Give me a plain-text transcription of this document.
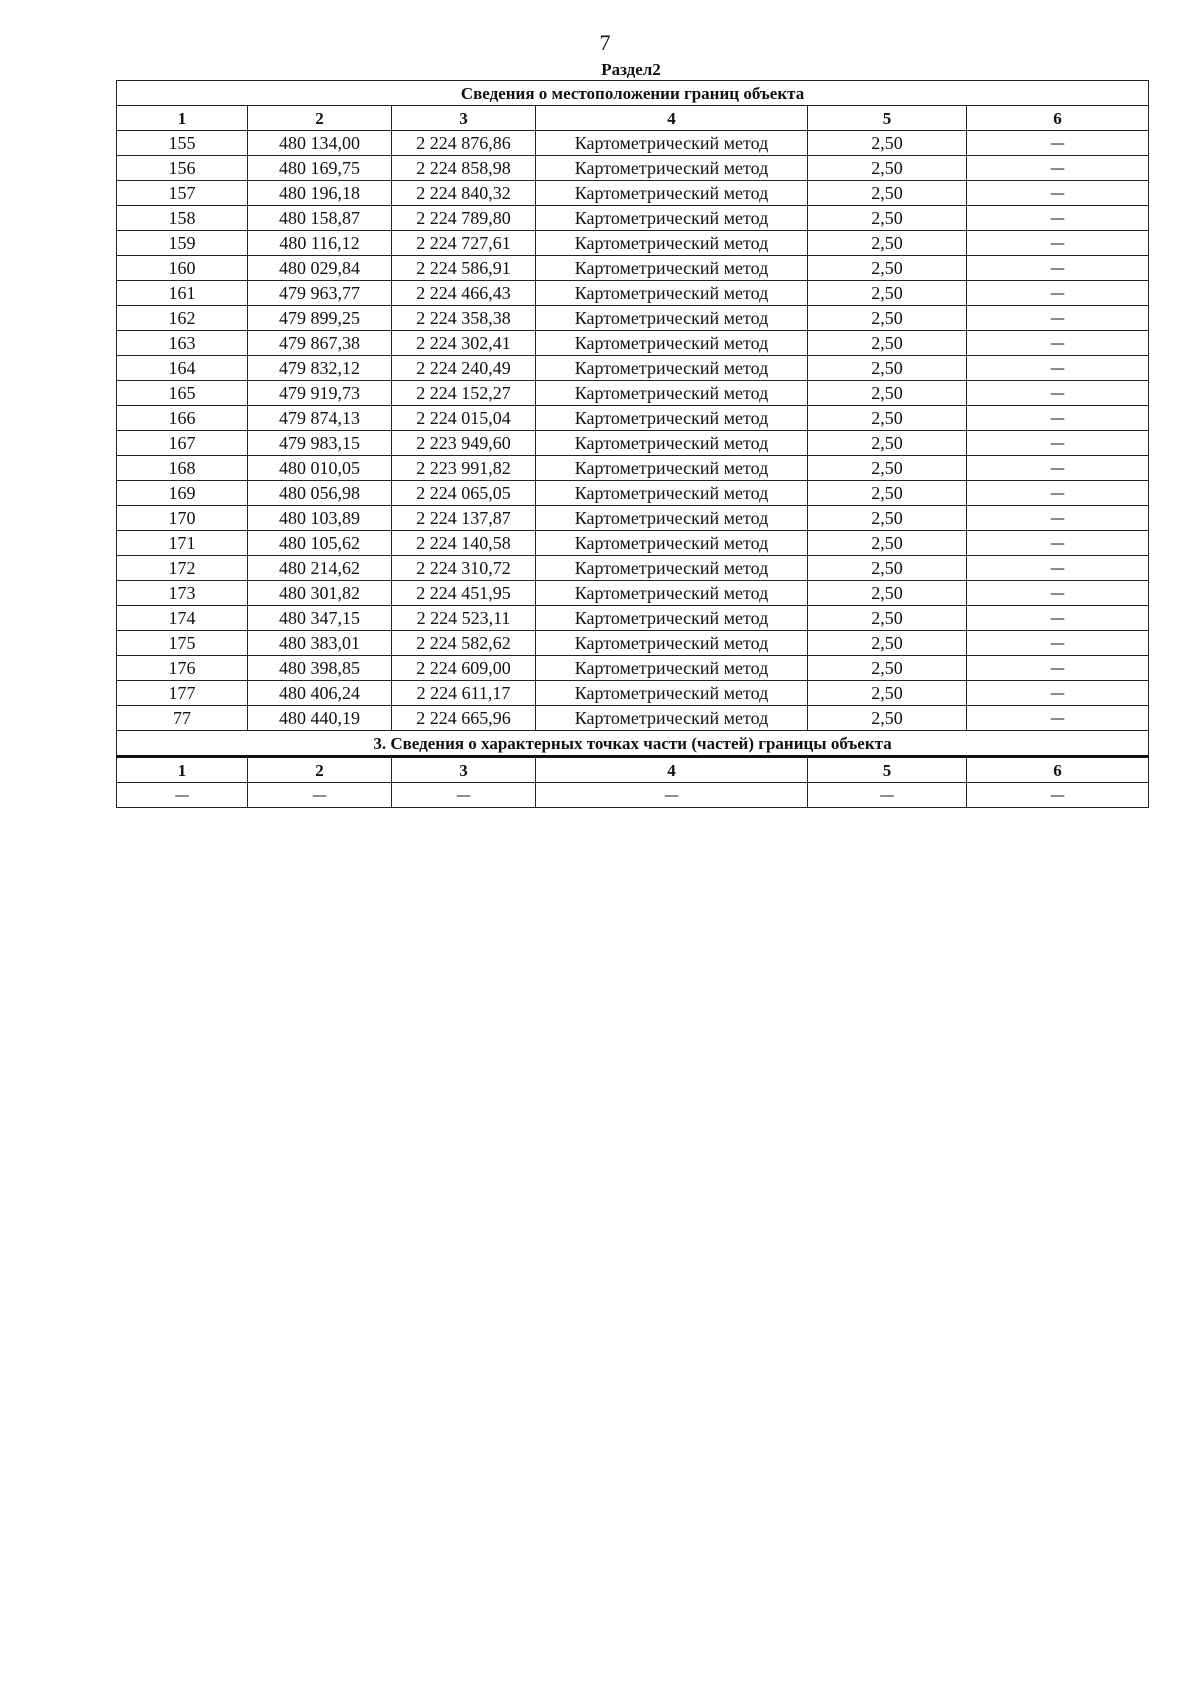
7
Раздел2
Сведения о местоположении границ объекта					
1	2	3	4	5	6
155	480 134,00	2 224 876,86	Картометрический метод	2,50	—
156	480 169,75	2 224 858,98	Картометрический метод	2,50	—
157	480 196,18	2 224 840,32	Картометрический метод	2,50	—
158	480 158,87	2 224 789,80	Картометрический метод	2,50	—
159	480 116,12	2 224 727,61	Картометрический метод	2,50	—
160	480 029,84	2 224 586,91	Картометрический метод	2,50	—
161	479 963,77	2 224 466,43	Картометрический метод	2,50	—
162	479 899,25	2 224 358,38	Картометрический метод	2,50	—
163	479 867,38	2 224 302,41	Картометрический метод	2,50	—
164	479 832,12	2 224 240,49	Картометрический метод	2,50	—
165	479 919,73	2 224 152,27	Картометрический метод	2,50	—
166	479 874,13	2 224 015,04	Картометрический метод	2,50	—
167	479 983,15	2 223 949,60	Картометрический метод	2,50	—
168	480 010,05	2 223 991,82	Картометрический метод	2,50	—
169	480 056,98	2 224 065,05	Картометрический метод	2,50	—
170	480 103,89	2 224 137,87	Картометрический метод	2,50	—
171	480 105,62	2 224 140,58	Картометрический метод	2,50	—
172	480 214,62	2 224 310,72	Картометрический метод	2,50	—
173	480 301,82	2 224 451,95	Картометрический метод	2,50	—
174	480 347,15	2 224 523,11	Картометрический метод	2,50	—
175	480 383,01	2 224 582,62	Картометрический метод	2,50	—
176	480 398,85	2 224 609,00	Картометрический метод	2,50	—
177	480 406,24	2 224 611,17	Картометрический метод	2,50	—
77	480 440,19	2 224 665,96	Картометрический метод	2,50	—
3. Сведения о характерных точках части (частей) границы объекта					
1	2	3	4	5	6
—	—	—	—	—	—
